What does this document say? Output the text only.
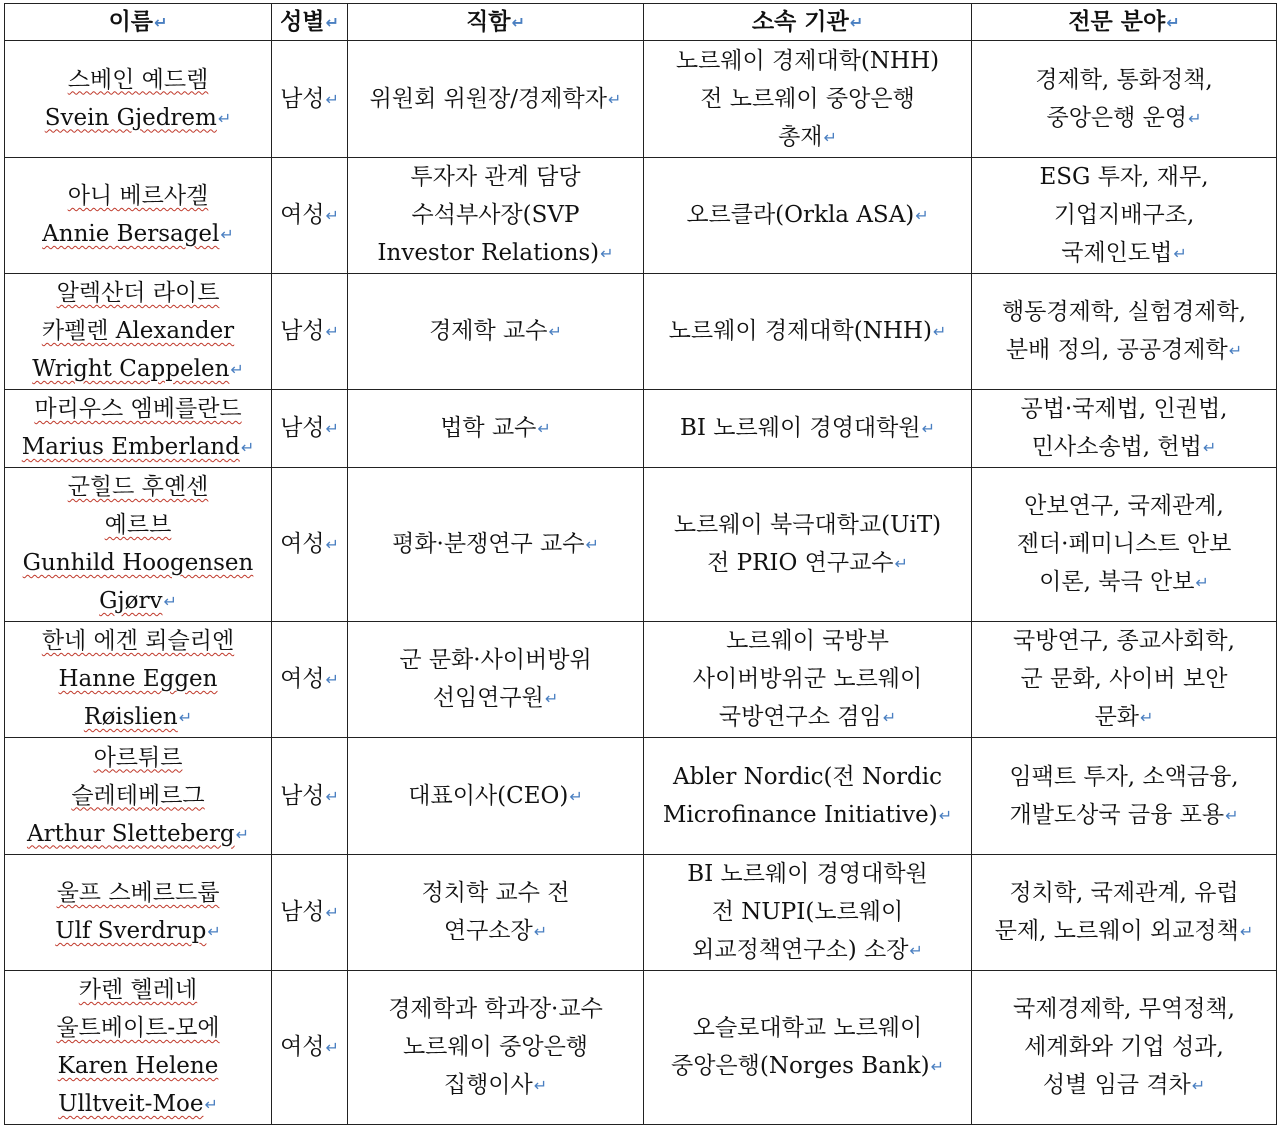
이름↵	성별↵	직함↵	소속 기관↵	전문 분야↵

스베인 예드렘
Svein Gjedrem↵	남성↵	위원회 위원장/경제학자↵	노르웨이 경제대학(NHH)
전 노르웨이 중앙은행
총재↵	경제학, 통화정책,
중앙은행 운영↵

아니 베르사겔
Annie Bersagel↵	여성↵	투자자 관계 담당
수석부사장(SVP
Investor Relations)↵	오르클라(Orkla ASA)↵	ESG 투자, 재무,
기업지배구조,
국제인도법↵

알렉산더 라이트
카펠렌 Alexander
Wright Cappelen↵	남성↵	경제학 교수↵	노르웨이 경제대학(NHH)↵	행동경제학, 실험경제학,
분배 정의, 공공경제학↵

마리우스 엠베를란드
Marius Emberland↵	남성↵	법학 교수↵	BI 노르웨이 경영대학원↵	공법·국제법, 인권법,
민사소송법, 헌법↵

군힐드 후옌센
예르브
Gunhild Hoogensen
Gjørv↵	여성↵	평화·분쟁연구 교수↵	노르웨이 북극대학교(UiT)
전 PRIO 연구교수↵	안보연구, 국제관계,
젠더·페미니스트 안보
이론, 북극 안보↵

한네 에겐 뢰슬리엔
Hanne Eggen
Røislien↵	여성↵	군 문화·사이버방위
선임연구원↵	노르웨이 국방부
사이버방위군 노르웨이
국방연구소 겸임↵	국방연구, 종교사회학,
군 문화, 사이버 보안
문화↵

아르튀르
슬레테베르그
Arthur Sletteberg↵	남성↵	대표이사(CEO)↵	Abler Nordic(전 Nordic
Microfinance Initiative)↵	임팩트 투자, 소액금융,
개발도상국 금융 포용↵

울프 스베르드룹
Ulf Sverdrup↵	남성↵	정치학 교수 전
연구소장↵	BI 노르웨이 경영대학원
전 NUPI(노르웨이
외교정책연구소) 소장↵	정치학, 국제관계, 유럽
문제, 노르웨이 외교정책↵

카렌 헬레네
울트베이트-모에
Karen Helene
Ulltveit-Moe↵	여성↵	경제학과 학과장·교수
노르웨이 중앙은행
집행이사↵	오슬로대학교 노르웨이
중앙은행(Norges Bank)↵	국제경제학, 무역정책,
세계화와 기업 성과,
성별 임금 격차↵
